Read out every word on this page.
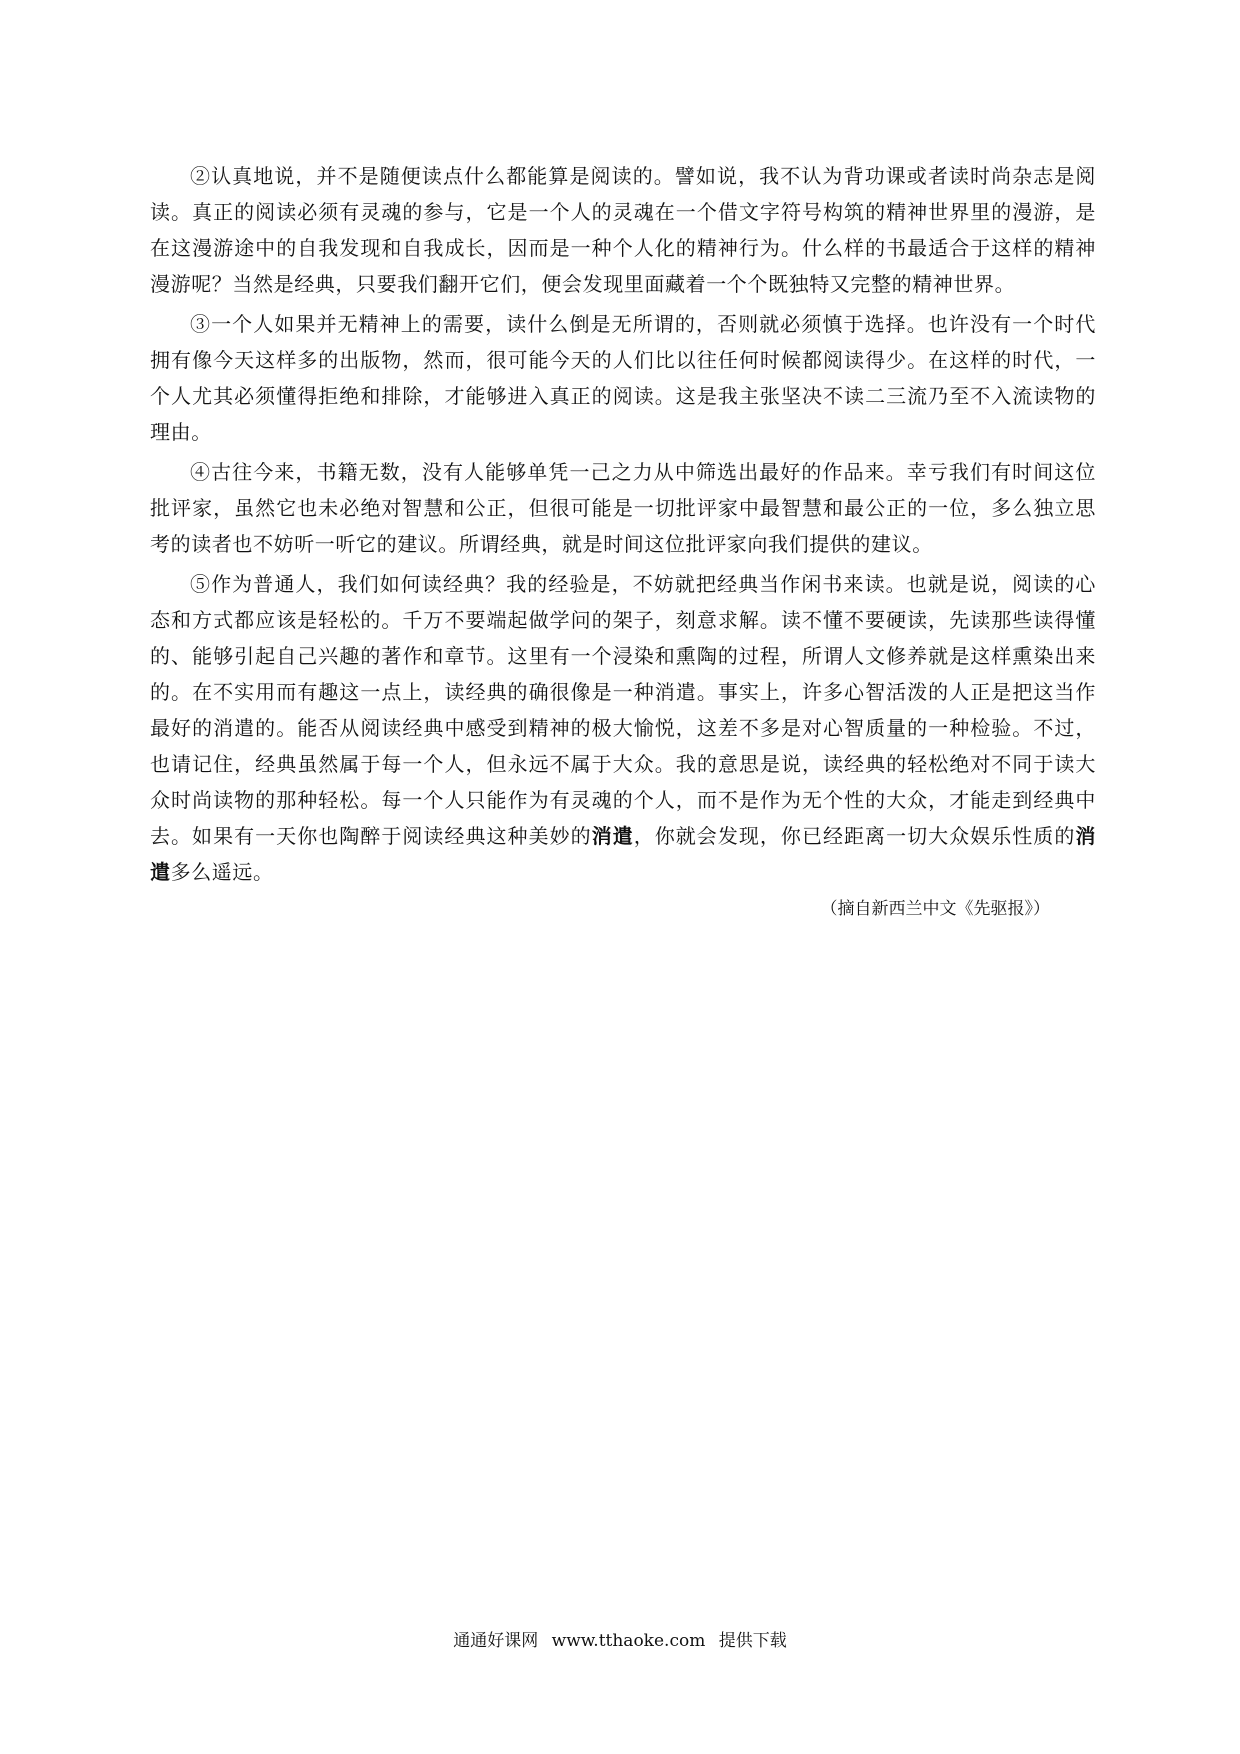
②认真地说，并不是随便读点什么都能算是阅读的。譬如说，我不认为背功课或者读时尚杂志是阅读。真正的阅读必须有灵魂的参与，它是一个人的灵魂在一个借文字符号构筑的精神世界里的漫游，是在这漫游途中的自我发现和自我成长，因而是一种个人化的精神行为。什么样的书最适合于这样的精神漫游呢？当然是经典，只要我们翻开它们，便会发现里面藏着一个个既独特又完整的精神世界。

③一个人如果并无精神上的需要，读什么倒是无所谓的，否则就必须慎于选择。也许没有一个时代拥有像今天这样多的出版物，然而，很可能今天的人们比以往任何时候都阅读得少。在这样的时代，一个人尤其必须懂得拒绝和排除，才能够进入真正的阅读。这是我主张坚决不读二三流乃至不入流读物的理由。

④古往今来，书籍无数，没有人能够单凭一己之力从中筛选出最好的作品来。幸亏我们有时间这位批评家，虽然它也未必绝对智慧和公正，但很可能是一切批评家中最智慧和最公正的一位，多么独立思考的读者也不妨听一听它的建议。所谓经典，就是时间这位批评家向我们提供的建议。

⑤作为普通人，我们如何读经典？我的经验是，不妨就把经典当作闲书来读。也就是说，阅读的心态和方式都应该是轻松的。千万不要端起做学问的架子，刻意求解。读不懂不要硬读，先读那些读得懂的、能够引起自己兴趣的著作和章节。这里有一个浸染和熏陶的过程，所谓人文修养就是这样熏染出来的。在不实用而有趣这一点上，读经典的确很像是一种消遣。事实上，许多心智活泼的人正是把这当作最好的消遣的。能否从阅读经典中感受到精神的极大愉悦，这差不多是对心智质量的一种检验。不过，也请记住，经典虽然属于每一个人，但永远不属于大众。我的意思是说，读经典的轻松绝对不同于读大众时尚读物的那种轻松。每一个人只能作为有灵魂的个人，而不是作为无个性的大众，才能走到经典中去。如果有一天你也陶醉于阅读经典这种美妙的消遣，你就会发现，你已经距离一切大众娱乐性质的消遣多么遥远。

（摘自新西兰中文《先驱报》）
通通好课网 www.tthaoke.com 提供下载
